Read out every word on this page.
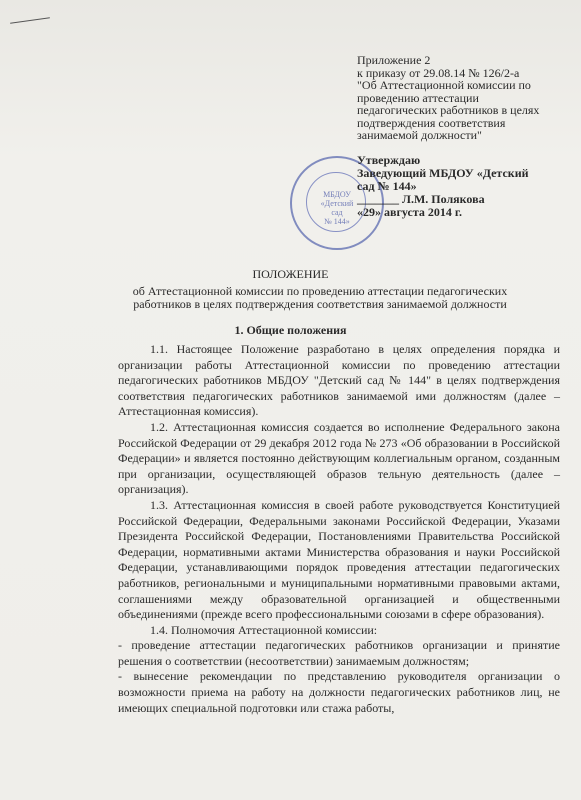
Приложение 2
к приказу от 29.08.14 № 126/2-а
"Об Аттестационной комиссии по
проведению аттестации
педагогических работников в целях
подтверждения соответствия
занимаемой должности"
МБДОУ
«Детский
сад
№ 144»
Утверждаю
Заведующий МБДОУ «Детский
сад № 144»
_______ Л.М. Полякова
«29» августа 2014 г.
ПОЛОЖЕНИЕ
об Аттестационной комиссии по проведению аттестации педагогических работников в целях подтверждения соответствия занимаемой должности
1. Общие положения

1.1. Настоящее Положение разработано в целях определения порядка и организации работы Аттестационной комиссии по проведению аттестации педагогических работников МБДОУ "Детский сад № 144" в целях подтверждения соответствия педагогических работников занимаемой ими должностям (далее – Аттестационная комиссия).

1.2. Аттестационная комиссия создается во исполнение Федерального закона Российской Федерации от 29 декабря 2012 года № 273 «Об образовании в Российской Федерации» и является постоянно действующим коллегиальным органом, созданным при организации, осуществляющей образов тельную деятельность (далее – организация).

1.3. Аттестационная комиссия в своей работе руководствуется Конституцией Российской Федерации, Федеральными законами Российской Федерации, Указами Президента Российской Федерации, Постановлениями Правительства Российской Федерации, нормативными актами Министерства образования и науки Российской Федерации, устанавливающими порядок проведения аттестации педагогических работников, региональными и муниципальными нормативными правовыми актами, соглашениями между образовательной организацией и общественными объединениями (прежде всего профессиональными союзами в сфере образования).

1.4. Полномочия Аттестационной комиссии:

- проведение аттестации педагогических работников организации и принятие решения о соответствии (несоответствии) занимаемым должностям;

- вынесение рекомендации по представлению руководителя организации о возможности приема на работу на должности педагогических работников лиц, не имеющих специальной подготовки или стажа работы,
